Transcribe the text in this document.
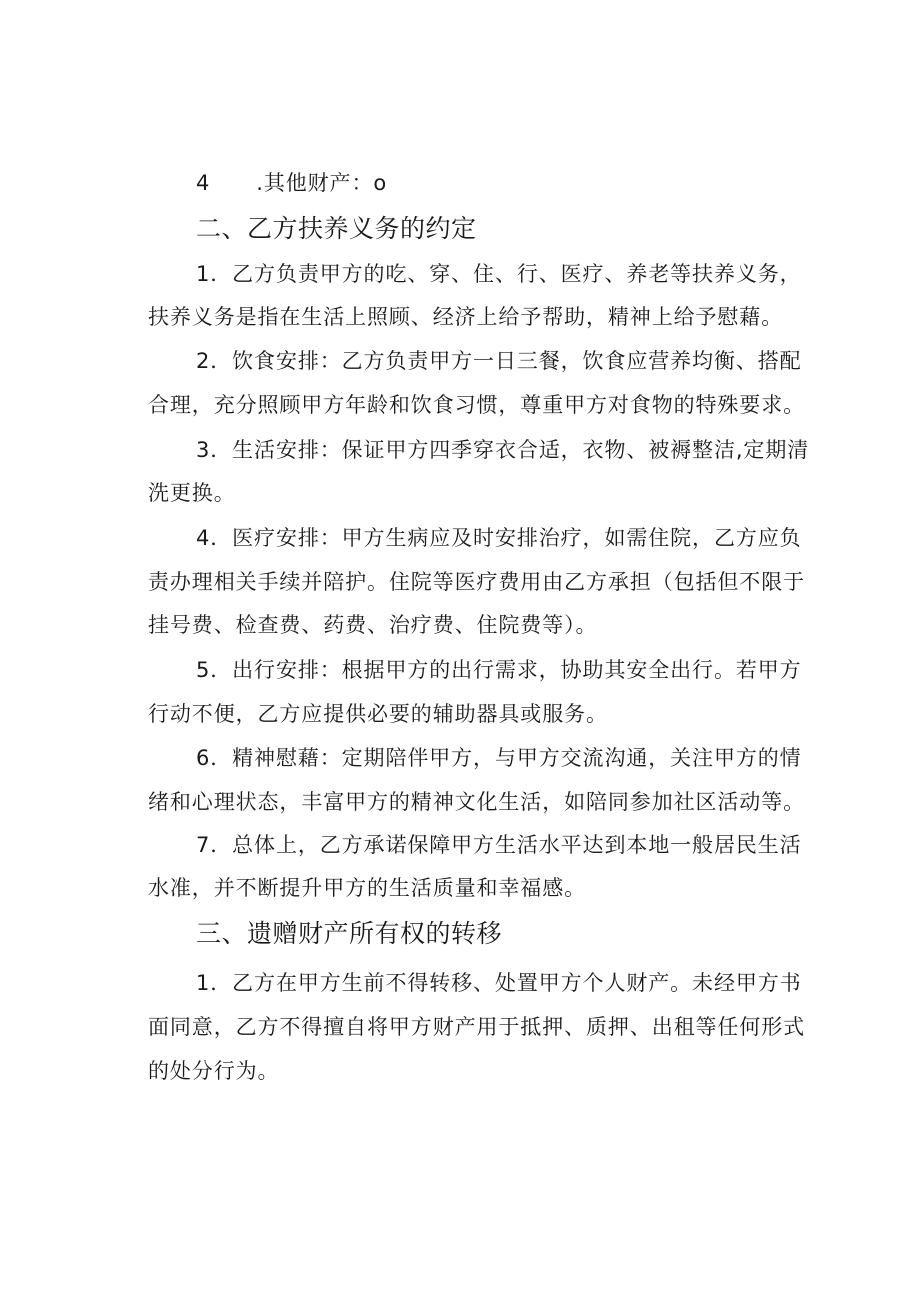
4 .其他财产：o
二、乙方扶养义务的约定
1．乙方负责甲方的吃、穿、住、行、医疗、养老等扶养义务，
扶养义务是指在生活上照顾、经济上给予帮助，精神上给予慰藉。
2．饮食安排：乙方负责甲方一日三餐，饮食应营养均衡、搭配
合理，充分照顾甲方年龄和饮食习惯，尊重甲方对食物的特殊要求。
3．生活安排：保证甲方四季穿衣合适，衣物、被褥整洁,定期清
洗更换。
4．医疗安排：甲方生病应及时安排治疗，如需住院，乙方应负
责办理相关手续并陪护。住院等医疗费用由乙方承担（包括但不限于
挂号费、检查费、药费、治疗费、住院费等）。
5．出行安排：根据甲方的出行需求，协助其安全出行。若甲方
行动不便，乙方应提供必要的辅助器具或服务。
6．精神慰藉：定期陪伴甲方，与甲方交流沟通，关注甲方的情
绪和心理状态，丰富甲方的精神文化生活，如陪同参加社区活动等。
7．总体上，乙方承诺保障甲方生活水平达到本地一般居民生活
水准，并不断提升甲方的生活质量和幸福感。
三、遗赠财产所有权的转移
1．乙方在甲方生前不得转移、处置甲方个人财产。未经甲方书
面同意，乙方不得擅自将甲方财产用于抵押、质押、出租等任何形式
的处分行为。
